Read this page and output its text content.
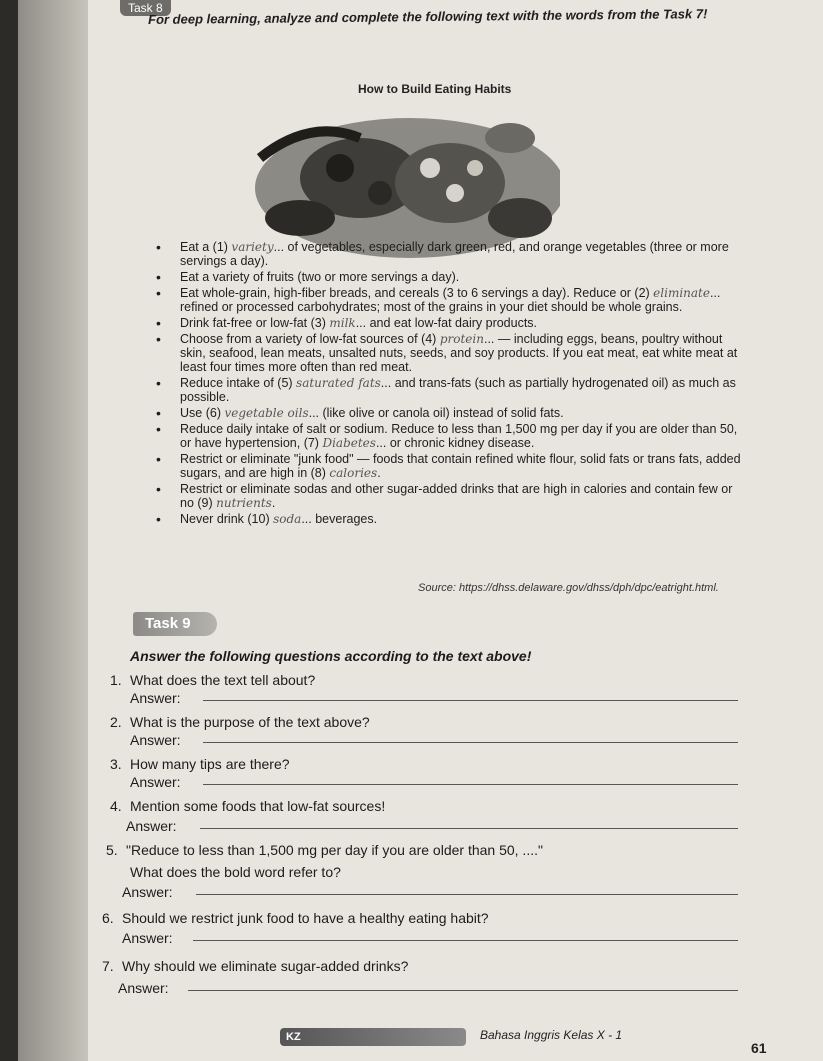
Task 8
For deep learning, analyze and complete the following text with the words from the Task 7!
How to Build Eating Habits
• Eat a (1) variety... of vegetables, especially dark green, red, and orange vegetables (three or more servings a day).
• Eat a variety of fruits (two or more servings a day).
• Eat whole-grain, high-fiber breads, and cereals (3 to 6 servings a day). Reduce or (2) eliminate... refined or processed carbohydrates; most of the grains in your diet should be whole grains.
• Drink fat-free or low-fat (3) milk... and eat low-fat dairy products.
• Choose from a variety of low-fat sources of (4) protein... — including eggs, beans, poultry without skin, seafood, lean meats, unsalted nuts, seeds, and soy products. If you eat meat, eat white meat at least four times more often than red meat.
• Reduce intake of (5) saturated fats... and trans-fats (such as partially hydrogenated oil) as much as possible.
• Use (6) vegetable oils... (like olive or canola oil) instead of solid fats.
• Reduce daily intake of salt or sodium. Reduce to less than 1,500 mg per day if you are older than 50, or have hypertension, (7) Diabetes... or chronic kidney disease.
• Restrict or eliminate "junk food" — foods that contain refined white flour, solid fats or trans fats, added sugars, and are high in (8) calories.
• Restrict or eliminate sodas and other sugar-added drinks that are high in calories and contain few or no (9) nutrients.
• Never drink (10) soda... beverages.
Source: https://dhss.delaware.gov/dhss/dph/dpc/eatright.html.
Task 9
Answer the following questions according to the text above!
1. What does the text tell about?
Answer:
2. What is the purpose of the text above?
Answer:
3. How many tips are there?
Answer:
4. Mention some foods that low-fat sources!
Answer:
5. "Reduce to less than 1,500 mg per day if you are older than 50, ...."
What does the bold word refer to?
Answer:
6. Should we restrict junk food to have a healthy eating habit?
Answer:
7. Why should we eliminate sugar-added drinks?
Answer:
KZ	Bahasa Inggris Kelas X - 1
61
